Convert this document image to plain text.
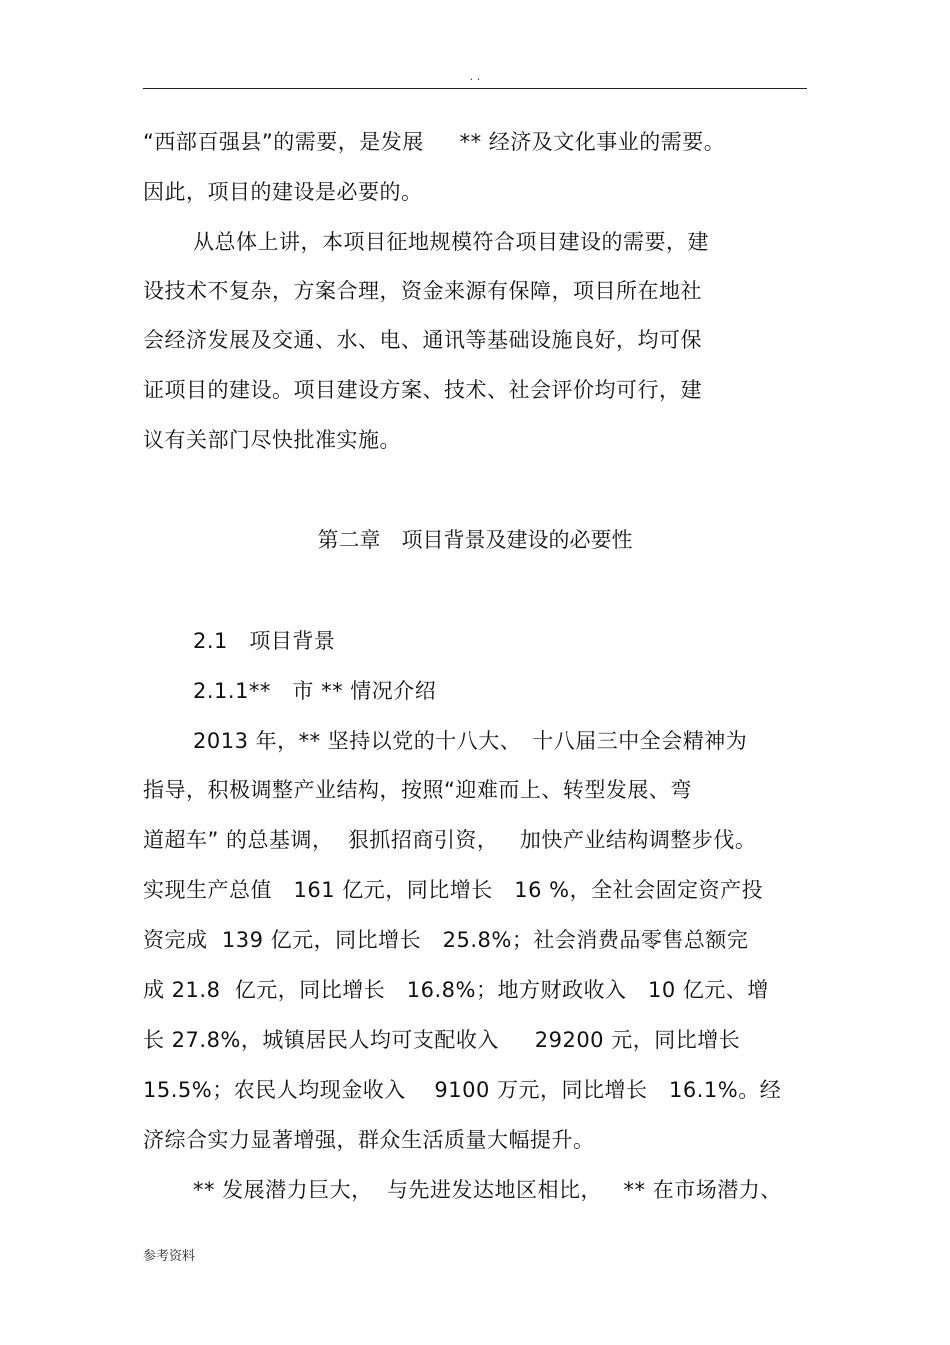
. .
“西部百强县”的需要，是发展　  ** 经济及文化事业的需要。
因此，项目的建设是必要的。
从总体上讲，本项目征地规模符合项目建设的需要，建
设技术不复杂，方案合理，资金来源有保障，项目所在地社
会经济发展及交通、水、电、通讯等基础设施良好，均可保
证项目的建设。项目建设方案、技术、社会评价均可行，建
议有关部门尽快批准实施。
第二章　项目背景及建设的必要性
2.1　项目背景
2.1.1**　市 ** 情况介绍
2013 年，** 坚持以党的十八大、　十八届三中全会精神为
指导，积极调整产业结构，按照“迎难而上、转型发展、弯
道超车” 的总基调，  狠抓招商引资，   加快产业结构调整步伐。
实现生产总值　161 亿元，同比增长　16 %，全社会固定资产投
资完成  139 亿元，同比增长　25.8%；社会消费品零售总额完
成 21.8  亿元，同比增长　16.8%；地方财政收入　10 亿元、增
长 27.8%，城镇居民人均可支配收入　  29200 元，同比增长
15.5%；农民人均现金收入　 9100 万元，同比增长　16.1%。经
济综合实力显著增强，群众生活质量大幅提升。
** 发展潜力巨大，  与先进发达地区相比，   ** 在市场潜力、
参考资料
